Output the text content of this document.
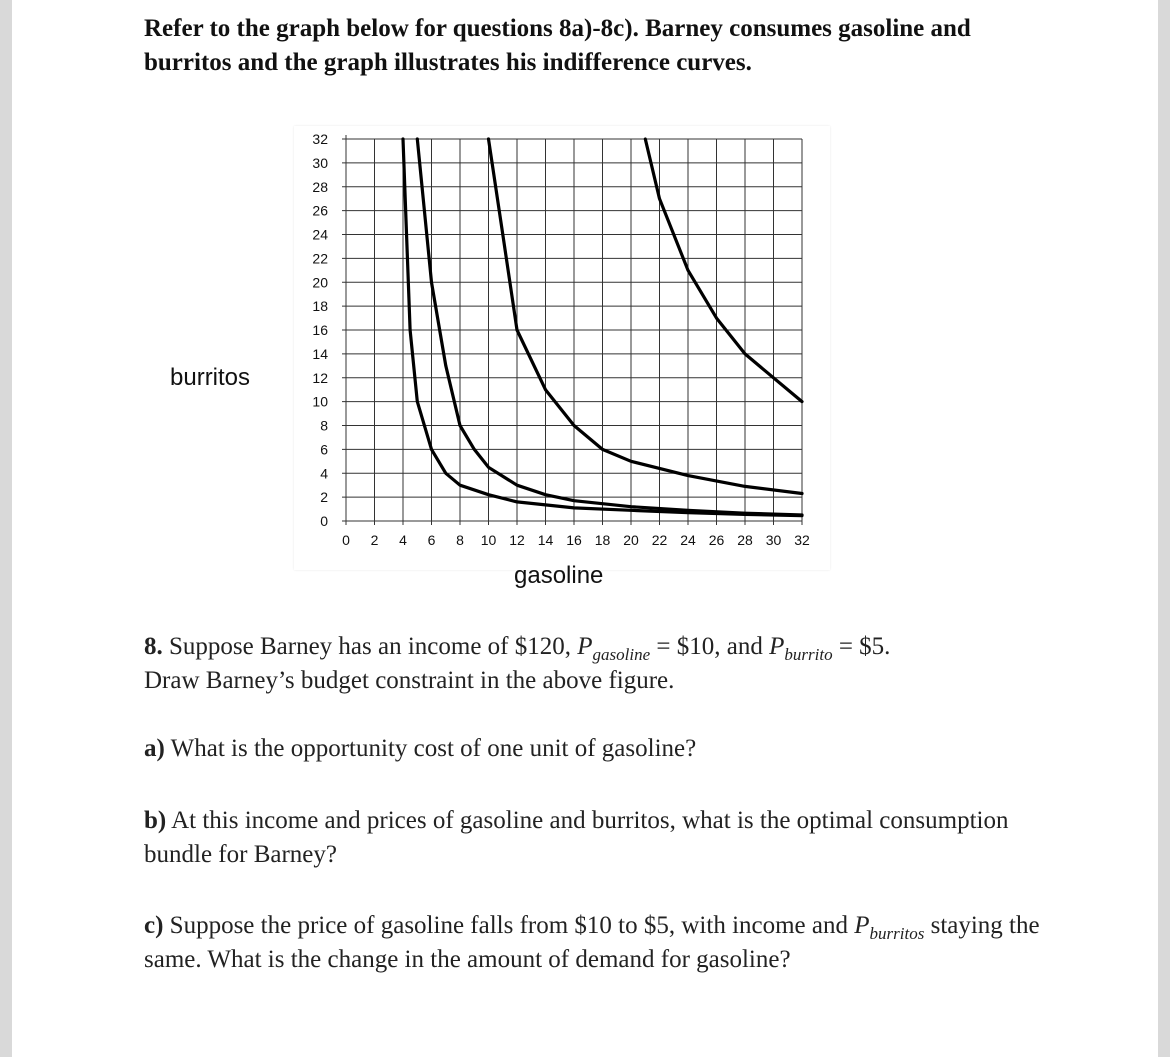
Refer to the graph below for questions 8a)-8c). Barney consumes gasoline and burritos and the graph illustrates his indifference curves.
burritos
gasoline
0
2
4
6
8
10
12
14
16
18
20
22
24
26
28
30
32
0 2 4 6 8 10 12 14 16 18 20 22 24 26 28 30 32
8. Suppose Barney has an income of $120, $P_{gasoline}$ = $10, and $P_{burrito}$ = $5.
Draw Barney’s budget constraint in the above figure.
a) What is the opportunity cost of one unit of gasoline?
b) At this income and prices of gasoline and burritos, what is the optimal consumption bundle for Barney?
c) Suppose the price of gasoline falls from $10 to $5, with income and $P_{burritos}$ staying the same. What is the change in the amount of demand for gasoline?
